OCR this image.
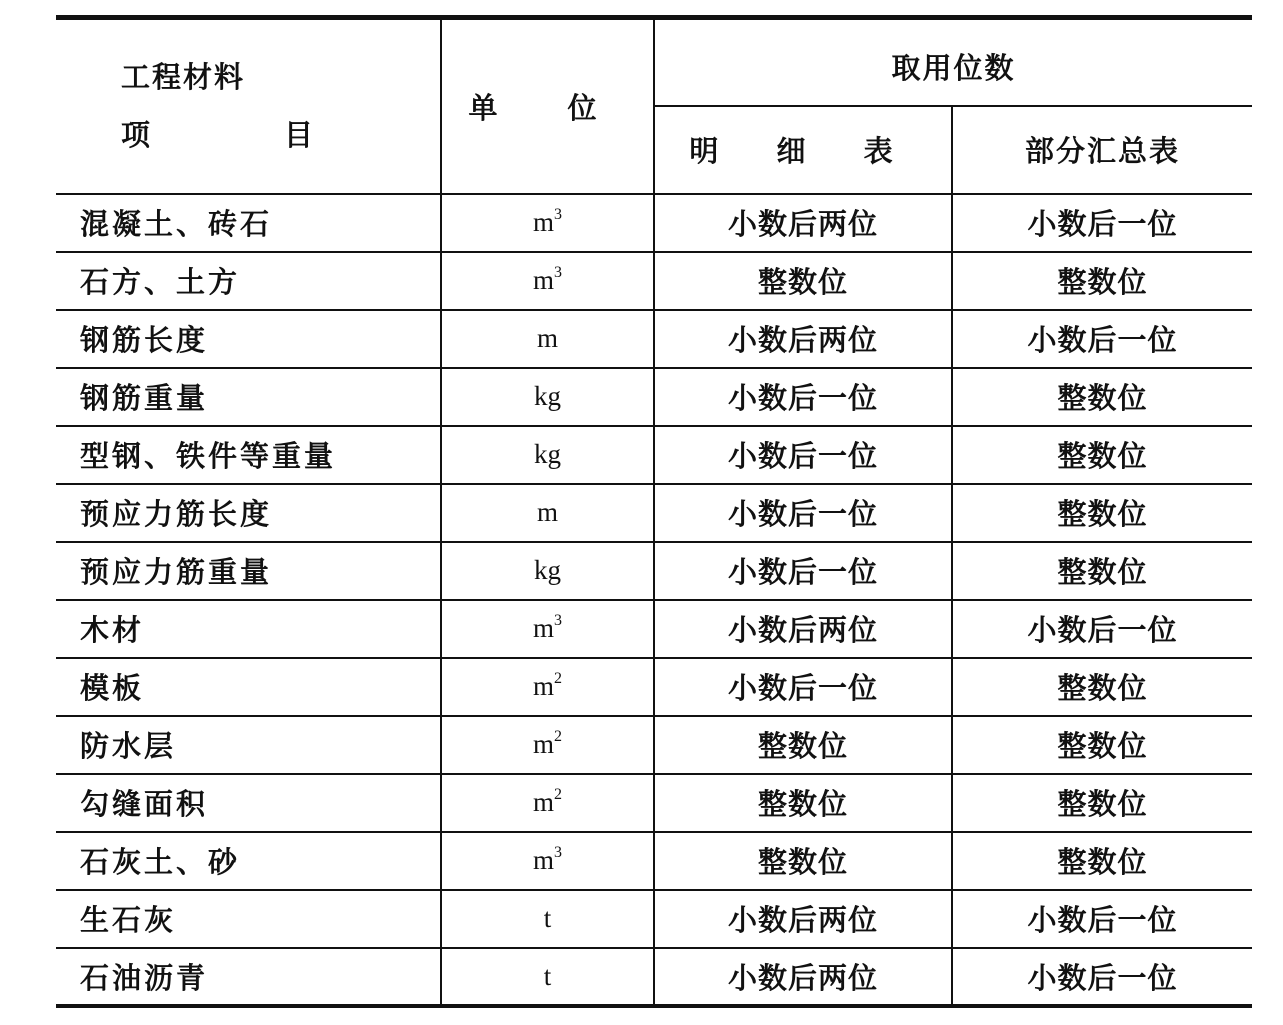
工程材料
项 目	单 位	取用位数	
		明 细 表	部分汇总表
混凝土、砖石	$m^3$	小数后两位	小数后一位
石方、土方	$m^3$	整数位	整数位
钢筋长度	m	小数后两位	小数后一位
钢筋重量	kg	小数后一位	整数位
型钢、铁件等重量	kg	小数后一位	整数位
预应力筋长度	m	小数后一位	整数位
预应力筋重量	kg	小数后一位	整数位
木材	$m^3$	小数后两位	小数后一位
模板	$m^2$	小数后一位	整数位
防水层	$m^2$	整数位	整数位
勾缝面积	$m^2$	整数位	整数位
石灰土、砂	$m^3$	整数位	整数位
生石灰	t	小数后两位	小数后一位
石油沥青	t	小数后两位	小数后一位
